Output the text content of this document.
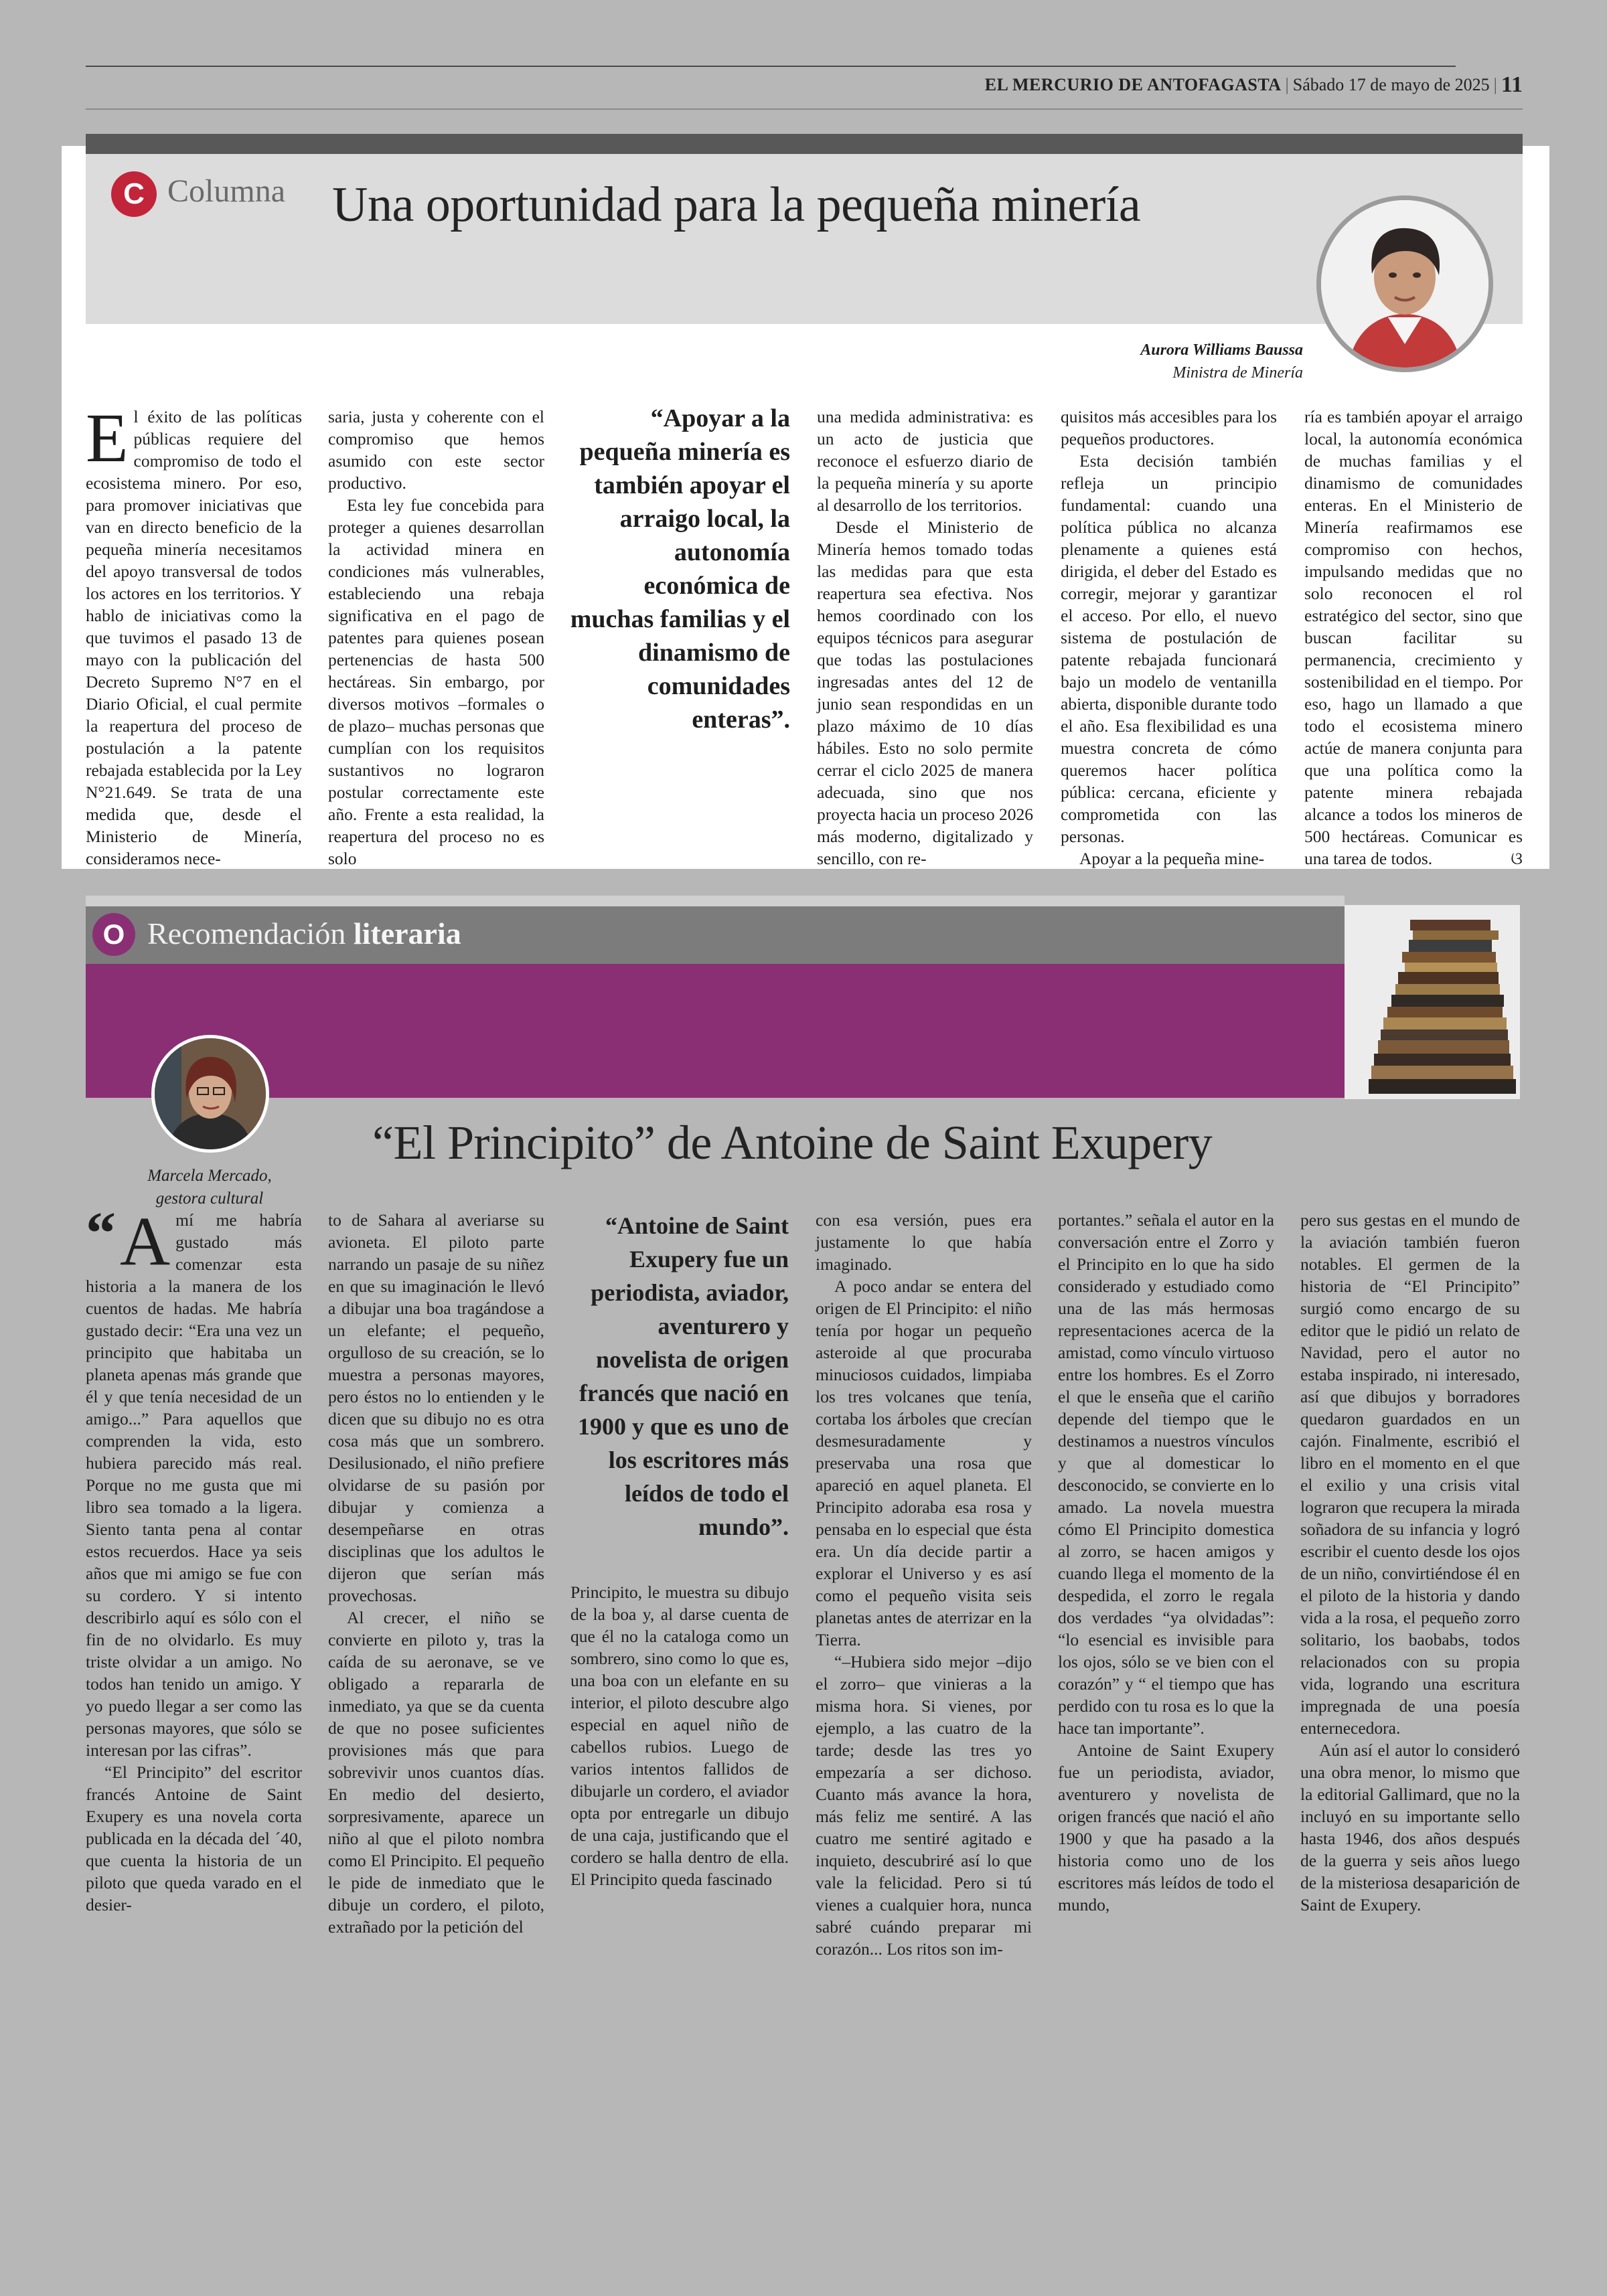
EL MERCURIO DE ANTOFAGASTA | Sábado 17 de mayo de 2025 | 11
C Columna Una oportunidad para la pequeña minería
Aurora Williams Baussa
Ministra de Minería

El éxito de las políticas públicas requiere del compromiso de todo el ecosistema minero. Por eso, para promover iniciativas que van en directo beneficio de la pequeña minería necesitamos del apoyo transversal de todos los actores en los territorios. Y hablo de iniciativas como la que tuvimos el pasado 13 de mayo con la publicación del Decreto Supremo N°7 en el Diario Oficial, el cual permite la reapertura del proceso de postulación a la patente rebajada establecida por la Ley N°21.649. Se trata de una medida que, desde el Ministerio de Minería, consideramos nece-

saria, justa y coherente con el compromiso que hemos asumido con este sector productivo.

Esta ley fue concebida para proteger a quienes desarrollan la actividad minera en condiciones más vulnerables, estableciendo una rebaja significativa en el pago de patentes para quienes posean pertenencias de hasta 500 hectáreas. Sin embargo, por diversos motivos –formales o de plazo– muchas personas que cumplían con los requisitos sustantivos no lograron postular correctamente este año. Frente a esta realidad, la reapertura del proceso no es solo

“Apoyar a la pequeña minería es también apoyar el arraigo local, la autonomía económica de muchas familias y el dinamismo de comunidades enteras”.

una medida administrativa: es un acto de justicia que reconoce el esfuerzo diario de la pequeña minería y su aporte al desarrollo de los territorios.

Desde el Ministerio de Minería hemos tomado todas las medidas para que esta reapertura sea efectiva. Nos hemos coordinado con los equipos técnicos para asegurar que todas las postulaciones ingresadas antes del 12 de junio sean respondidas en un plazo máximo de 10 días hábiles. Esto no solo permite cerrar el ciclo 2025 de manera adecuada, sino que nos proyecta hacia un proceso 2026 más moderno, digitalizado y sencillo, con re-

quisitos más accesibles para los pequeños productores.

Esta decisión también refleja un principio fundamental: cuando una política pública no alcanza plenamente a quienes está dirigida, el deber del Estado es corregir, mejorar y garantizar el acceso. Por ello, el nuevo sistema de postulación de patente rebajada funcionará bajo un modelo de ventanilla abierta, disponible durante todo el año. Esa flexibilidad es una muestra concreta de cómo queremos hacer política pública: cercana, eficiente y comprometida con las personas.

Apoyar a la pequeña mine-

ría es también apoyar el arraigo local, la autonomía económica de muchas familias y el dinamismo de comunidades enteras. En el Ministerio de Minería reafirmamos ese compromiso con hechos, impulsando medidas que no solo reconocen el rol estratégico del sector, sino que buscan facilitar su permanencia, crecimiento y sostenibilidad en el tiempo. Por eso, hago un llamado a que todo el ecosistema minero actúe de manera conjunta para que una política como la patente minera rebajada alcance a todos los mineros de 500 hectáreas. Comunicar es una tarea de todos.	ଓ

O Recomendación literaria
Marcela Mercado,
gestora cultural
“El Principito” de Antoine de Saint Exupery

“ A mí me habría gustado más comenzar esta historia a la manera de los cuentos de hadas. Me habría gustado decir: “Era una vez un principito que habitaba un planeta apenas más grande que él y que tenía necesidad de un amigo...” Para aquellos que comprenden la vida, esto hubiera parecido más real. Porque no me gusta que mi libro sea tomado a la ligera. Siento tanta pena al contar estos recuerdos. Hace ya seis años que mi amigo se fue con su cordero. Y si intento describirlo aquí es sólo con el fin de no olvidarlo. Es muy triste olvidar a un amigo. No todos han tenido un amigo. Y yo puedo llegar a ser como las personas mayores, que sólo se interesan por las cifras”.

“El Principito” del escritor francés Antoine de Saint Exupery es una novela corta publicada en la década del ´40, que cuenta la historia de un piloto que queda varado en el desier-

to de Sahara al averiarse su avioneta. El piloto parte narrando un pasaje de su niñez en que su imaginación le llevó a dibujar una boa tragándose a un elefante; el pequeño, orgulloso de su creación, se lo muestra a personas mayores, pero éstos no lo entienden y le dicen que su dibujo no es otra cosa más que un sombrero. Desilusionado, el niño prefiere olvidarse de su pasión por dibujar y comienza a desempeñarse en otras disciplinas que los adultos le dijeron que serían más provechosas.

Al crecer, el niño se convierte en piloto y, tras la caída de su aeronave, se ve obligado a repararla de inmediato, ya que se da cuenta de que no posee suficientes provisiones más que para sobrevivir unos cuantos días. En medio del desierto, sorpresivamente, aparece un niño al que el piloto nombra como El Principito. El pequeño le pide de inmediato que le dibuje un cordero, el piloto, extrañado por la petición del

“Antoine de Saint Exupery fue un periodista, aviador, aventurero y novelista de origen francés que nació en 1900 y que es uno de los escritores más leídos de todo el mundo”.

Principito, le muestra su dibujo de la boa y, al darse cuenta de que él no la cataloga como un sombrero, sino como lo que es, una boa con un elefante en su interior, el piloto descubre algo especial en aquel niño de cabellos rubios. Luego de varios intentos fallidos de dibujarle un cordero, el aviador opta por entregarle un dibujo de una caja, justificando que el cordero se halla dentro de ella. El Principito queda fascinado

con esa versión, pues era justamente lo que había imaginado.

A poco andar se entera del origen de El Principito: el niño tenía por hogar un pequeño asteroide al que procuraba minuciosos cuidados, limpiaba los tres volcanes que tenía, cortaba los árboles que crecían desmesuradamente y preservaba una rosa que apareció en aquel planeta. El Principito adoraba esa rosa y pensaba en lo especial que ésta era. Un día decide partir a explorar el Universo y es así como el pequeño visita seis planetas antes de aterrizar en la Tierra.

“–Hubiera sido mejor –dijo el zorro– que vinieras a la misma hora. Si vienes, por ejemplo, a las cuatro de la tarde; desde las tres yo empezaría a ser dichoso. Cuanto más avance la hora, más feliz me sentiré. A las cuatro me sentiré agitado e inquieto, descubriré así lo que vale la felicidad. Pero si tú vienes a cualquier hora, nunca sabré cuándo preparar mi corazón... Los ritos son im-

portantes.” señala el autor en la conversación entre el Zorro y el Principito en lo que ha sido considerado y estudiado como una de las más hermosas representaciones acerca de la amistad, como vínculo virtuoso entre los hombres. Es el Zorro el que le enseña que el cariño depende del tiempo que le destinamos a nuestros vínculos y que al domesticar lo desconocido, se convierte en lo amado. La novela muestra cómo El Principito domestica al zorro, se hacen amigos y cuando llega el momento de la despedida, el zorro le regala dos verdades “ya olvidadas”: “lo esencial es invisible para los ojos, sólo se ve bien con el corazón” y “ el tiempo que has perdido con tu rosa es lo que la hace tan importante”.

Antoine de Saint Exupery fue un periodista, aviador, aventurero y novelista de origen francés que nació el año 1900 y que ha pasado a la historia como uno de los escritores más leídos de todo el mundo,

pero sus gestas en el mundo de la aviación también fueron notables. El germen de la historia de “El Principito” surgió como encargo de su editor que le pidió un relato de Navidad, pero el autor no estaba inspirado, ni interesado, así que dibujos y borradores quedaron guardados en un cajón. Finalmente, escribió el libro en el momento en el que el exilio y una crisis vital lograron que recupera la mirada soñadora de su infancia y logró escribir el cuento desde los ojos de un niño, convirtiéndose él en el piloto de la historia y dando vida a la rosa, el pequeño zorro solitario, los baobabs, todos relacionados con su propia vida, logrando una escritura impregnada de una poesía enternecedora.

Aún así el autor lo consideró una obra menor, lo mismo que la editorial Gallimard, que no la incluyó en su importante sello hasta 1946, dos años después de la guerra y seis años luego de la misteriosa desaparición de Saint de Exupery.
